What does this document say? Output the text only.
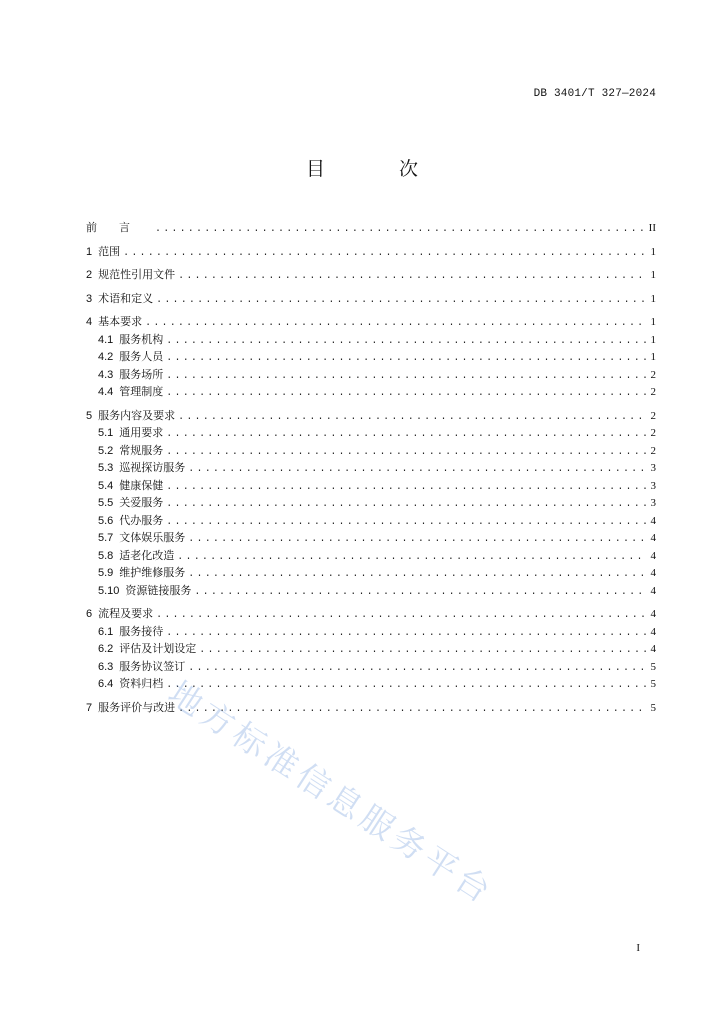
DB 3401/T 327—2024
目 次
前言 .....	II
1 范围 .....	1
2 规范性引用文件 .....	1
3 术语和定义 .....	1
4 基本要求 .....	1
4.1 服务机构 .....	1
4.2 服务人员 .....	1
4.3 服务场所 .....	2
4.4 管理制度 .....	2
5 服务内容及要求 .....	2
5.1 通用要求 .....	2
5.2 常规服务 .....	2
5.3 巡视探访服务 .....	3
5.4 健康保健 .....	3
5.5 关爱服务 .....	3
5.6 代办服务 .....	4
5.7 文体娱乐服务 .....	4
5.8 适老化改造 .....	4
5.9 维护维修服务 .....	4
5.10 资源链接服务 .....	4
6 流程及要求 .....	4
6.1 服务接待 .....	4
6.2 评估及计划设定 .....	4
6.3 服务协议签订 .....	5
6.4 资料归档 .....	5
7 服务评价与改进 .....	5
地方标准信息服务平台
I
